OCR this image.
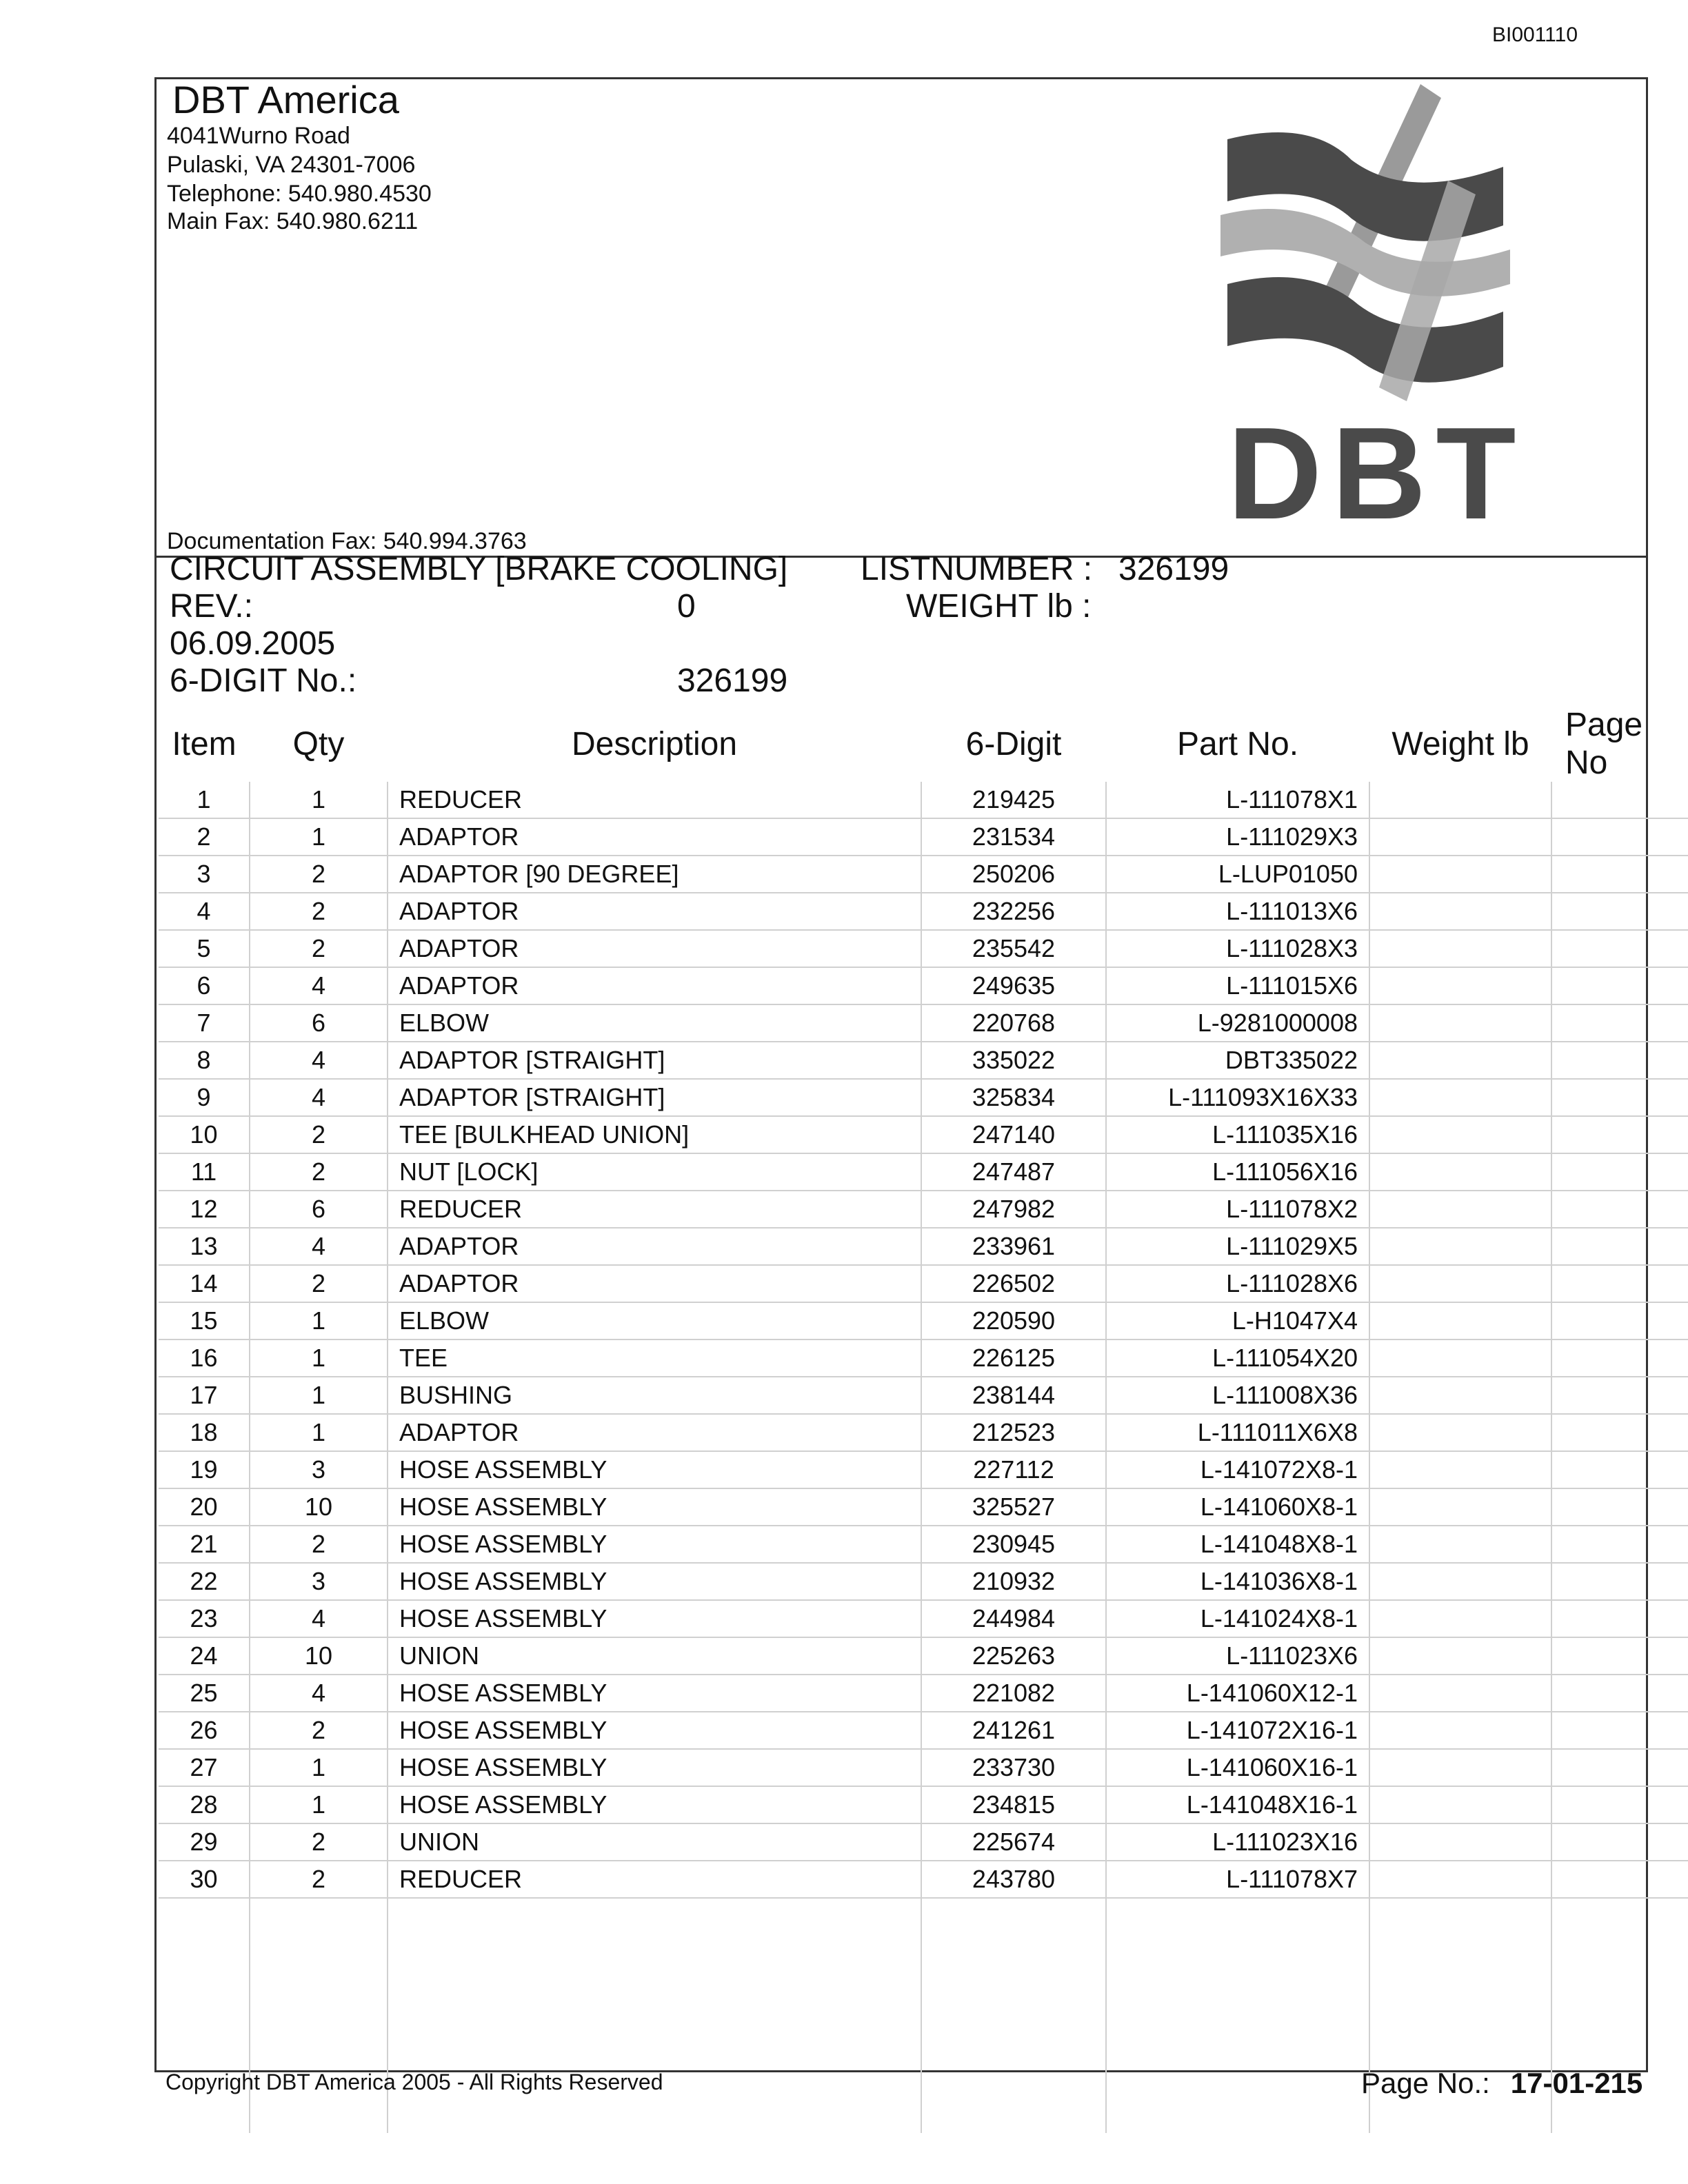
BI001110
DBT America
4041Wurno Road
Pulaski, VA 24301-7006
Telephone: 540.980.4530
Main Fax: 540.980.6211
Documentation Fax: 540.994.3763	DBT
CIRCUIT ASSEMBLY [BRAKE COOLING] LISTNUMBER : 326199
REV.:	0	WEIGHT lb :
06.09.2005
6-DIGIT No.:	326199
Item	Qty	Description	6-Digit	Part No.	Weight lb	Page No
1	1	REDUCER	219425	L-111078X1		
2	1	ADAPTOR	231534	L-111029X3		
3	2	ADAPTOR [90 DEGREE]	250206	L-LUP01050		
4	2	ADAPTOR	232256	L-111013X6		
5	2	ADAPTOR	235542	L-111028X3		
6	4	ADAPTOR	249635	L-111015X6		
7	6	ELBOW	220768	L-9281000008		
8	4	ADAPTOR [STRAIGHT]	335022	DBT335022		
9	4	ADAPTOR [STRAIGHT]	325834	L-111093X16X33		
10	2	TEE [BULKHEAD UNION]	247140	L-111035X16		
11	2	NUT [LOCK]	247487	L-111056X16		
12	6	REDUCER	247982	L-111078X2		
13	4	ADAPTOR	233961	L-111029X5		
14	2	ADAPTOR	226502	L-111028X6		
15	1	ELBOW	220590	L-H1047X4		
16	1	TEE	226125	L-111054X20		
17	1	BUSHING	238144	L-111008X36		
18	1	ADAPTOR	212523	L-111011X6X8		
19	3	HOSE ASSEMBLY	227112	L-141072X8-1		
20	10	HOSE ASSEMBLY	325527	L-141060X8-1		
21	2	HOSE ASSEMBLY	230945	L-141048X8-1		
22	3	HOSE ASSEMBLY	210932	L-141036X8-1		
23	4	HOSE ASSEMBLY	244984	L-141024X8-1		
24	10	UNION	225263	L-111023X6		
25	4	HOSE ASSEMBLY	221082	L-141060X12-1		
26	2	HOSE ASSEMBLY	241261	L-141072X16-1		
27	1	HOSE ASSEMBLY	233730	L-141060X16-1		
28	1	HOSE ASSEMBLY	234815	L-141048X16-1		
29	2	UNION	225674	L-111023X16		
30	2	REDUCER	243780	L-111078X7		

Copyright DBT America 2005 - All Rights Reserved	Page No.: 17-01-215
